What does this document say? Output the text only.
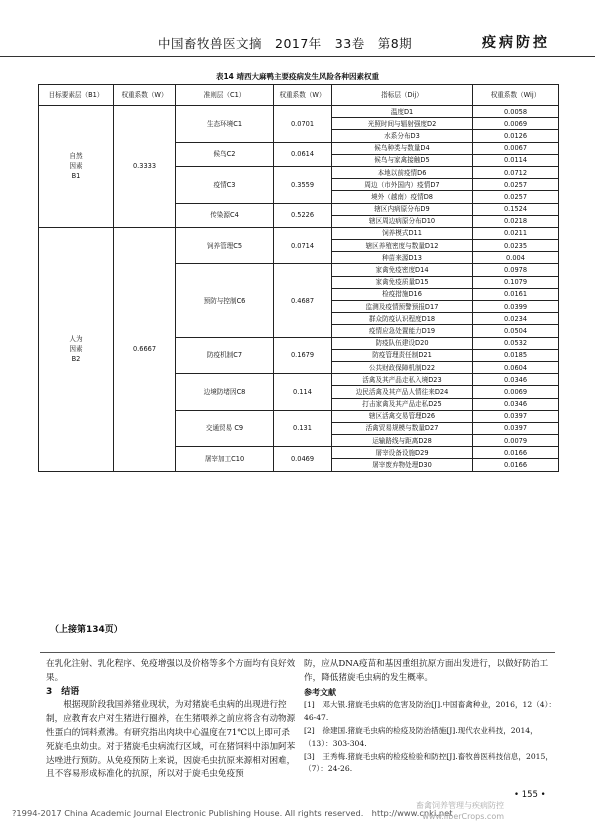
中国畜牧兽医文摘　2017年　33卷　第8期	疫病防控
表14 靖西大麻鸭主要疫病发生风险各种因素权重
目标要素层（B1）	权重系数（W）	准则层（C1）	权重系数（W）	指标层（Dij）	权重系数（Wij）
自然因素B1	0.3333	生态环境C1	0.0701	温度D1	0.0058
				光照时间与辐射强度D2	0.0069
				水系分布D3	0.0126
		候鸟C2	0.0614	候鸟种类与数量D4	0.0067
				候鸟与家禽接触D5	0.0114
		疫情C3	0.3559	本地以前疫情D6	0.0712
				周边（市外国内）疫情D7	0.0257
				境外（越南）疫情D8	0.0257
		传染源C4	0.5226	辖区内病原分布D9	0.1524
				辖区周边病原分布D10	0.0218
人为因素B2	0.6667	饲养管理C5	0.0714	饲养模式D11	0.0211
				辖区养殖密度与数量D12	0.0235
				种苗来源D13	0.004
		预防与控制C6	0.4687	家禽免疫密度D14	0.0978
				家禽免疫质量D15	0.1079
				检疫措施D16	0.0161
				监测及疫情预警预报D17	0.0399
				群众防疫认识程度D18	0.0234
				疫情应急处置能力D19	0.0504
		防疫机制C7	0.1679	防疫队伍建设D20	0.0532
				防疫管理责任制D21	0.0185
				公共财政保障机制D22	0.0604
		边境防堵因C8	0.114	活禽及其产品走私入境D23	0.0346
				边民活禽及其产品人情往来D24	0.0069
				打击家禽及其产品走私D25	0.0346
		交通贸易 C9	0.131	辖区活禽交易管理D26	0.0397
				活禽贸易规模与数量D27	0.0397
				运输路线与距离D28	0.0079
		屠宰加工C10	0.0469	屠宰设备设施D29	0.0166
				屠宰废弃物处理D30	0.0166
（上接第134页）

在乳化注射、乳化程序、免疫增强以及价格等多个方面均有良好效果。

3　结语

根据现阶段我国养猪业现状，为对猪旋毛虫病的出现进行控制，应教育农户对生猪进行圈养，在生猪喂养之前应将含有动物源性蛋白的饲料煮沸。有研究指出肉块中心温度在71℃以上即可杀死旋毛虫幼虫。对于猪旋毛虫病流行区域，可在猪饲料中添加阿苯达唑进行预防。从免疫预防上来说，因旋毛虫抗原来源相对困难，且不容易形成标准化的抗原，所以对于旋毛虫免疫预

防，应从DNA疫苗和基因重组抗原方面出发进行，以做好防治工作，降低猪旋毛虫病的发生概率。

参考文献

[1]　邓大银.猪旋毛虫病的危害及防治[J].中国畜禽种业，2016，12（4）：46-47.

[2]　徐建国.猪旋毛虫病的检疫及防治措施[J].现代农业科技，2014，（13）：303-304.

[3]　王秀梅.猪旋毛虫病的检疫检验和防控[J].畜牧兽医科技信息，2015，（7）：24-26.

• 155 •
?1994-2017 China Academic Journal Electronic Publishing House. All rights reserved.　http://www.cnki.net
畜禽饲养管理与疾病防控
www.liberCrops.com
